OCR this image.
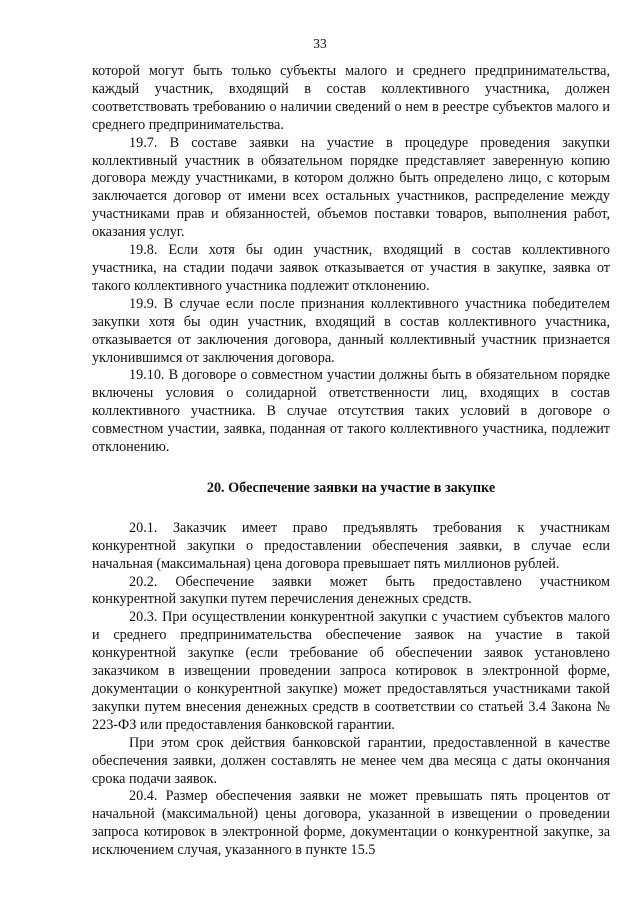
33

которой могут быть только субъекты малого и среднего предпринимательства, каждый участник, входящий в состав коллективного участника, должен соответствовать требованию о наличии сведений о нем в реестре субъектов малого и среднего предпринимательства.

19.7. В составе заявки на участие в процедуре проведения закупки коллективный участник в обязательном порядке представляет заверенную копию договора между участниками, в котором должно быть определено лицо, с которым заключается договор от имени всех остальных участников, распределение между участниками прав и обязанностей, объемов поставки товаров, выполнения работ, оказания услуг.

19.8. Если хотя бы один участник, входящий в состав коллективного участника, на стадии подачи заявок отказывается от участия в закупке, заявка от такого коллективного участника подлежит отклонению.

19.9. В случае если после признания коллективного участника победителем закупки хотя бы один участник, входящий в состав коллективного участника, отказывается от заключения договора, данный коллективный участник признается уклонившимся от заключения договора.

19.10. В договоре о совместном участии должны быть в обязательном порядке включены условия о солидарной ответственности лиц, входящих в состав коллективного участника. В случае отсутствия таких условий в договоре о совместном участии, заявка, поданная от такого коллективного участника, подлежит отклонению.

20. Обеспечение заявки на участие в закупке

20.1. Заказчик имеет право предъявлять требования к участникам конкурентной закупки о предоставлении обеспечения заявки, в случае если начальная (максимальная) цена договора превышает пять миллионов рублей.

20.2. Обеспечение заявки может быть предоставлено участником конкурентной закупки путем перечисления денежных средств.

20.3. При осуществлении конкурентной закупки с участием субъектов малого и среднего предпринимательства обеспечение заявок на участие в такой конкурентной закупке (если требование об обеспечении заявок установлено заказчиком в извещении проведении запроса котировок в электронной форме, документации о конкурентной закупке) может предоставляться участниками такой закупки путем внесения денежных средств в соответствии со статьей 3.4 Закона № 223-ФЗ или предоставления банковской гарантии.

При этом срок действия банковской гарантии, предоставленной в качестве обеспечения заявки, должен составлять не менее чем два месяца с даты окончания срока подачи заявок.

20.4. Размер обеспечения заявки не может превышать пять процентов от начальной (максимальной) цены договора, указанной в извещении о проведении запроса котировок в электронной форме, документации о конкурентной закупке, за исключением случая, указанного в пункте 15.5
